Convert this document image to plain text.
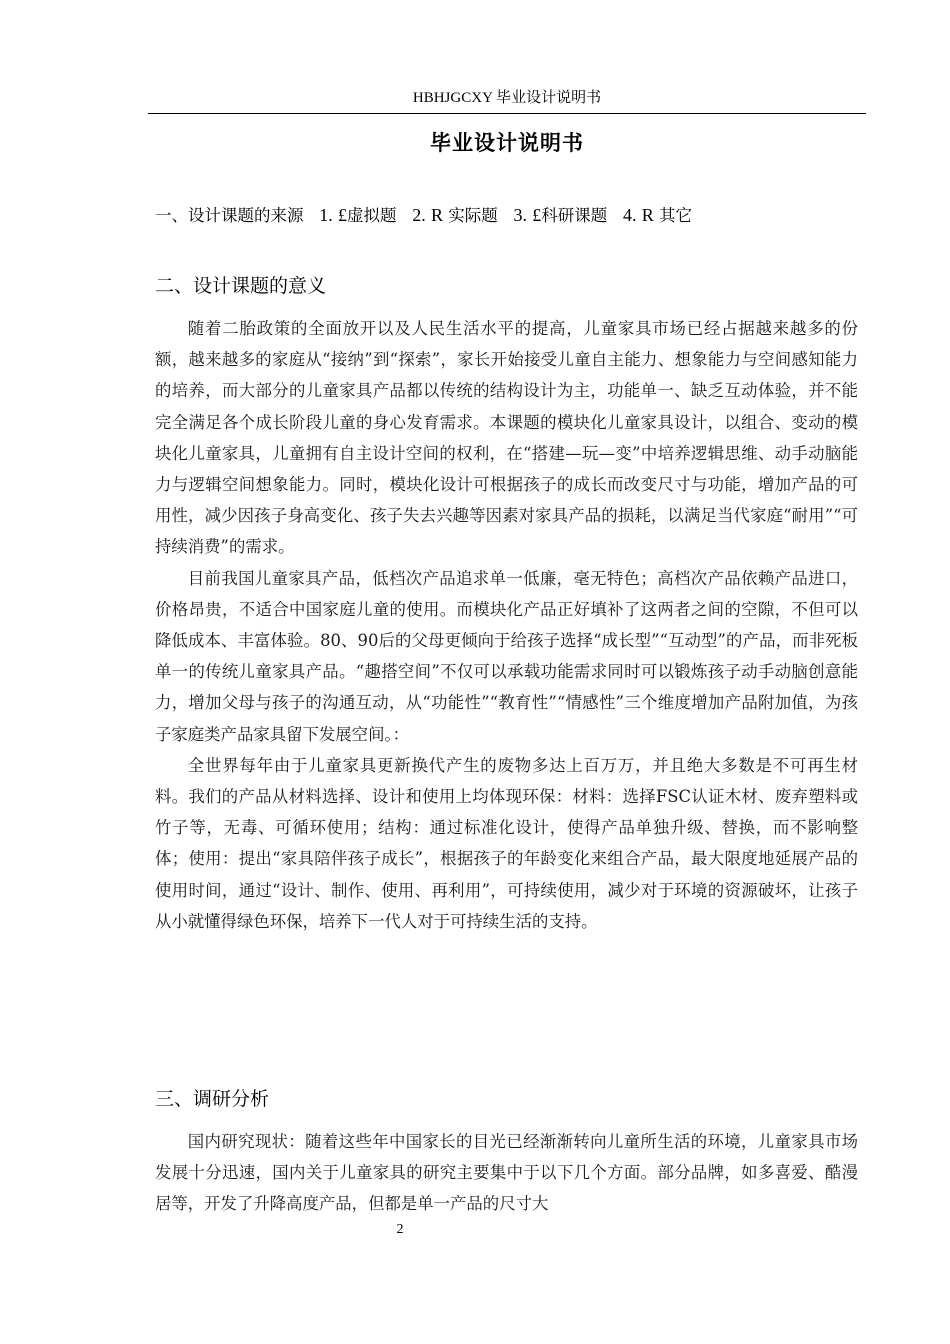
HBHJGCXY 毕业设计说明书
毕业设计说明书
一、设计课题的来源 1. £虚拟题 2. R 实际题 3. £科研课题 4. R 其它
二、设计课题的意义

随着二胎政策的全面放开以及人民生活水平的提高，儿童家具市场已经占据越来越多的份额，越来越多的家庭从“接纳”到“探索”，家长开始接受儿童自主能力、想象能力与空间感知能力的培养，而大部分的儿童家具产品都以传统的结构设计为主，功能单一、缺乏互动体验，并不能完全满足各个成长阶段儿童的身心发育需求。本课题的模块化儿童家具设计，以组合、变动的模块化儿童家具，儿童拥有自主设计空间的权利，在“搭建—玩—变”中培养逻辑思维、动手动脑能力与逻辑空间想象能力。同时，模块化设计可根据孩子的成长而改变尺寸与功能，增加产品的可用性，减少因孩子身高变化、孩子失去兴趣等因素对家具产品的损耗，以满足当代家庭“耐用”“可持续消费”的需求。

目前我国儿童家具产品，低档次产品追求单一低廉，毫无特色；高档次产品依赖产品进口，价格昂贵，不适合中国家庭儿童的使用。而模块化产品正好填补了这两者之间的空隙，不但可以降低成本、丰富体验。80、90后的父母更倾向于给孩子选择“成长型”“互动型”的产品，而非死板单一的传统儿童家具产品。“趣搭空间”不仅可以承载功能需求同时可以锻炼孩子动手动脑创意能力，增加父母与孩子的沟通互动，从“功能性”“教育性”“情感性”三个维度增加产品附加值，为孩子家庭类产品家具留下发展空间。：

全世界每年由于儿童家具更新换代产生的废物多达上百万万，并且绝大多数是不可再生材料。我们的产品从材料选择、设计和使用上均体现环保：材料：选择FSC认证木材、废弃塑料或竹子等，无毒、可循环使用；结构：通过标准化设计，使得产品单独升级、替换，而不影响整体；使用：提出“家具陪伴孩子成长”，根据孩子的年龄变化来组合产品，最大限度地延展产品的使用时间，通过“设计、制作、使用、再利用”，可持续使用，减少对于环境的资源破坏，让孩子从小就懂得绿色环保，培养下一代人对于可持续生活的支持。

三、调研分析

国内研究现状：随着这些年中国家长的目光已经渐渐转向儿童所生活的环境，儿童家具市场发展十分迅速，国内关于儿童家具的研究主要集中于以下几个方面。部分品牌，如多喜爱、酷漫居等，开发了升降高度产品，但都是单一产品的尺寸大

2
